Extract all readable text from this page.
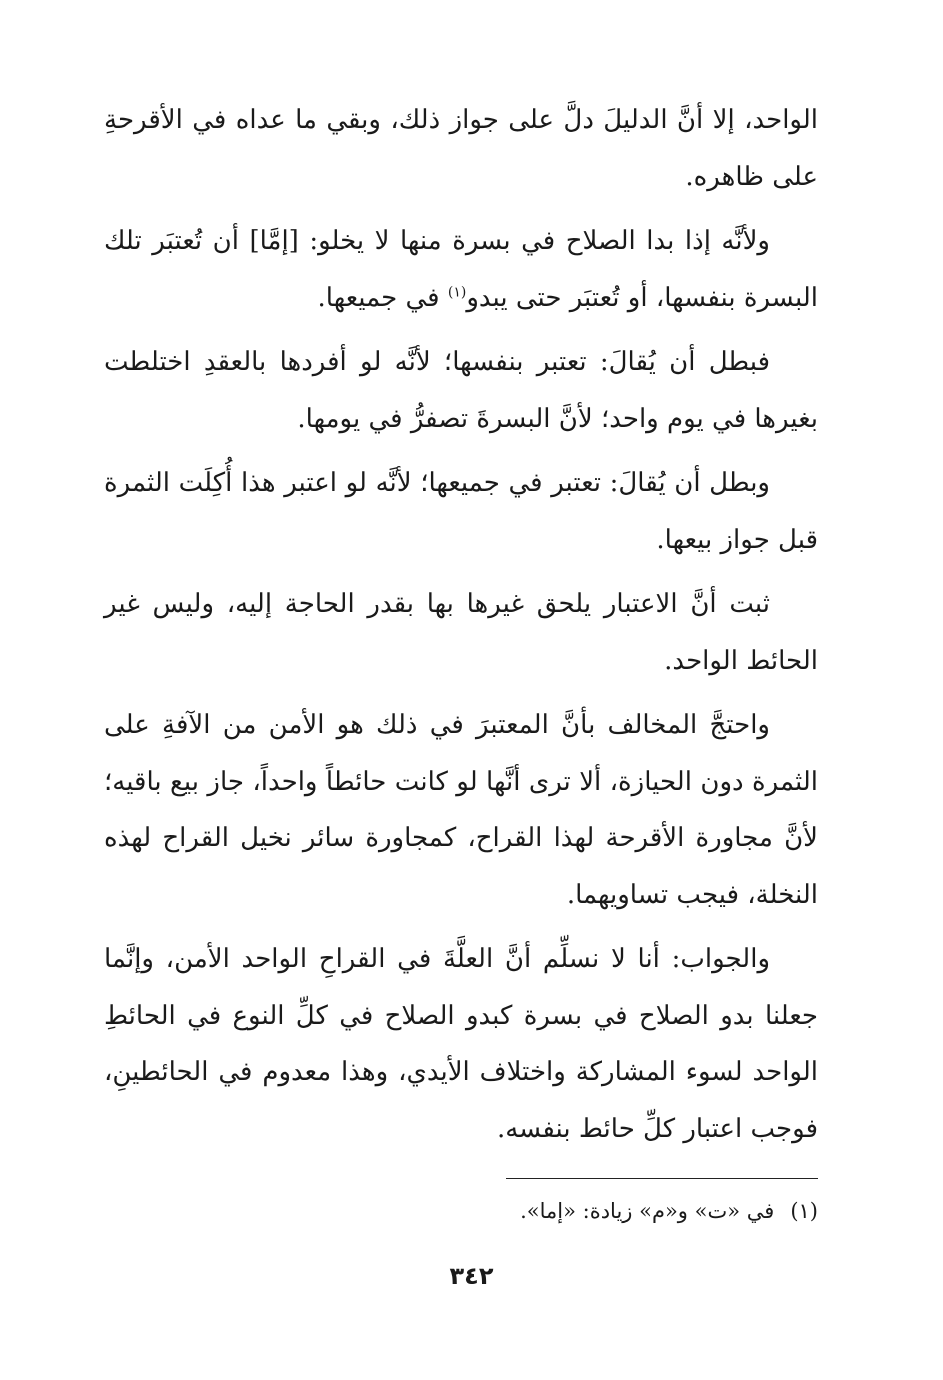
الواحد، إلا أنَّ الدليلَ دلَّ على جواز ذلك، وبقي ما عداه في الأقرحةِ على ظاهره.

ولأنَّه إذا بدا الصلاح في بسرة منها لا يخلو: [إمَّا] أن تُعتبَر تلك البسرة بنفسها، أو تُعتبَر حتى يبدو$^{(١)}$ في جميعها.

فبطل أن يُقالَ: تعتبر بنفسها؛ لأنَّه لو أفردها بالعقدِ اختلطت بغيرها في يوم واحد؛ لأنَّ البسرةَ تصفرُّ في يومها.

وبطل أن يُقالَ: تعتبر في جميعها؛ لأنَّه لو اعتبر هذا أُكِلَت الثمرة قبل جواز بيعها.

ثبت أنَّ الاعتبار يلحق غيرها بها بقدر الحاجة إليه، وليس غير الحائط الواحد.

واحتجَّ المخالف بأنَّ المعتبرَ في ذلك هو الأمن من الآفةِ على الثمرة دون الحيازة، ألا ترى أنَّها لو كانت حائطاً واحداً، جاز بيع باقيه؛ لأنَّ مجاورة الأقرحة لهذا القراح، كمجاورة سائر نخيل القراح لهذه النخلة، فيجب تساويهما.

والجواب: أنا لا نسلِّم أنَّ العلَّةَ في القراحِ الواحد الأمن، وإنَّما جعلنا بدو الصلاح في بسرة كبدو الصلاح في كلِّ النوع في الحائطِ الواحد لسوء المشاركة واختلاف الأيدي، وهذا معدوم في الحائطينِ، فوجب اعتبار كلِّ حائط بنفسه.

(١)في «ت» و«م» زيادة: «إما».
٣٤٢
